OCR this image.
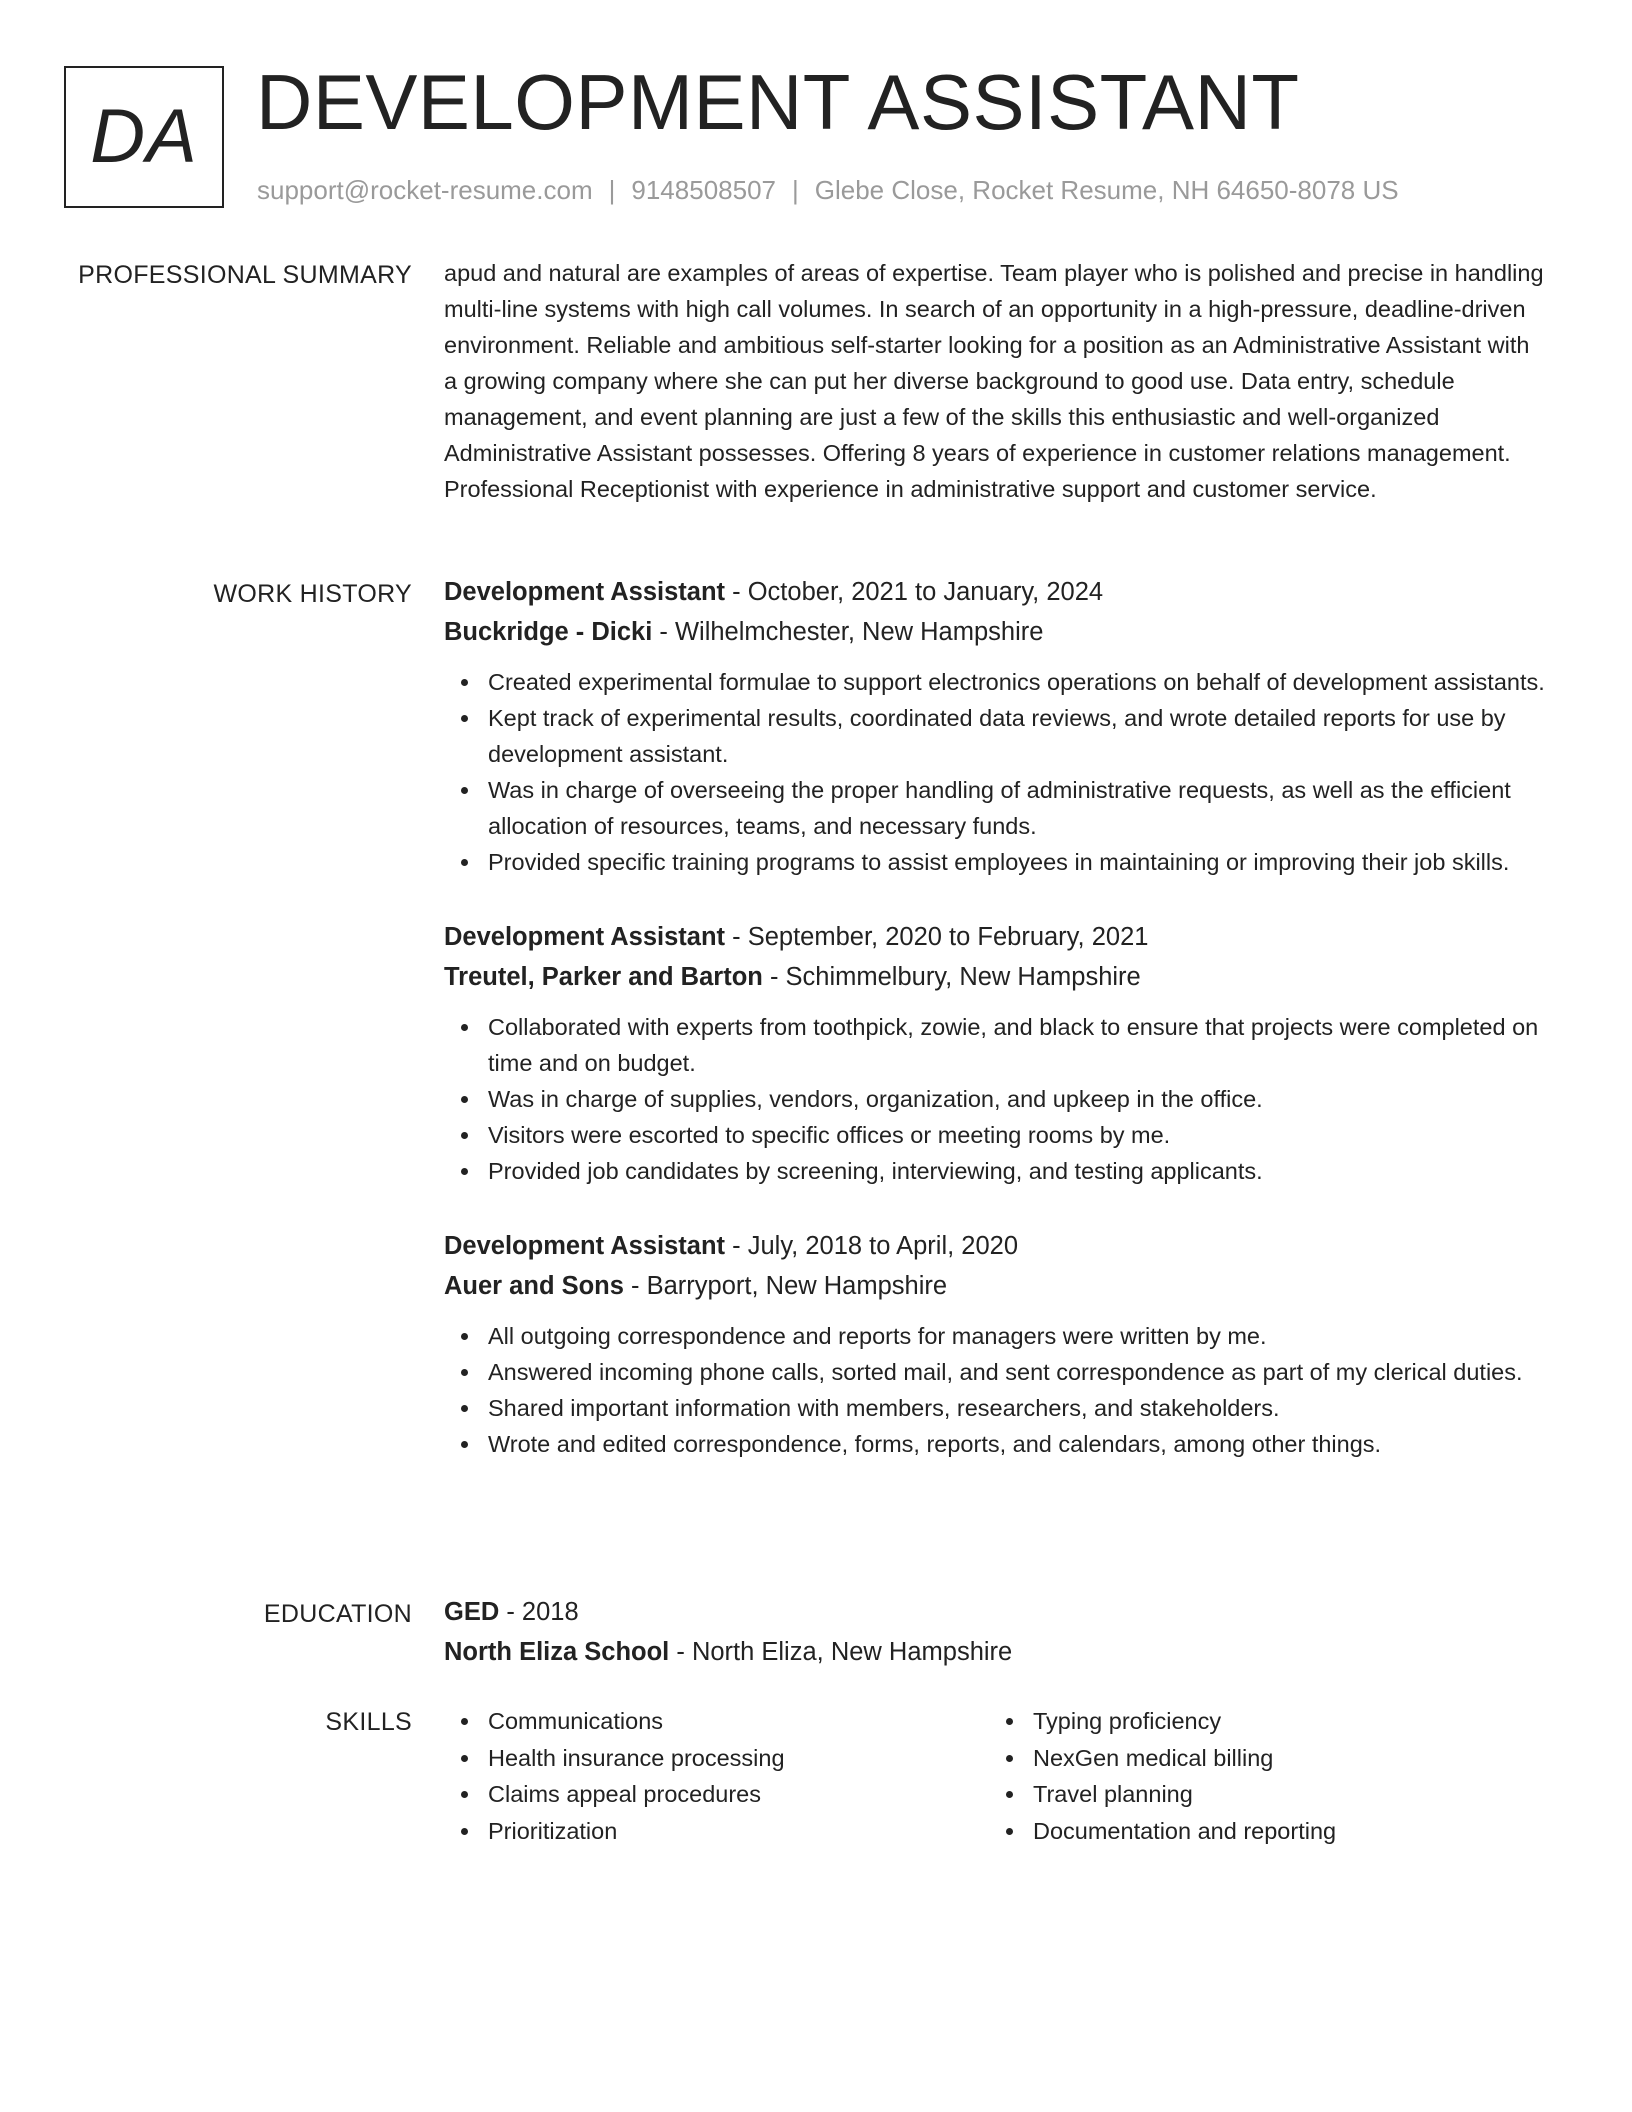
DA DEVELOPMENT ASSISTANT
support@rocket-resume.com | 9148508507 | Glebe Close, Rocket Resume, NH 64650-8078 US
PROFESSIONAL SUMMARY apud and natural are examples of areas of expertise. Team player who is polished and precise in handling multi-line systems with high call volumes. In search of an opportunity in a high-pressure, deadline-driven environment. Reliable and ambitious self-starter looking for a position as an Administrative Assistant with a growing company where she can put her diverse background to good use. Data entry, schedule management, and event planning are just a few of the skills this enthusiastic and well-organized Administrative Assistant possesses. Offering 8 years of experience in customer relations management. Professional Receptionist with experience in administrative support and customer service.

WORK HISTORY Development Assistant - October, 2021 to January, 2024
Buckridge - Dicki - Wilhelmchester, New Hampshire
Created experimental formulae to support electronics operations on behalf of development assistants.
Kept track of experimental results, coordinated data reviews, and wrote detailed reports for use by development assistant.
Was in charge of overseeing the proper handling of administrative requests, as well as the efficient allocation of resources, teams, and necessary funds.
Provided specific training programs to assist employees in maintaining or improving their job skills.
Development Assistant - September, 2020 to February, 2021
Treutel, Parker and Barton - Schimmelbury, New Hampshire
Collaborated with experts from toothpick, zowie, and black to ensure that projects were completed on time and on budget.
Was in charge of supplies, vendors, organization, and upkeep in the office.
Visitors were escorted to specific offices or meeting rooms by me.
Provided job candidates by screening, interviewing, and testing applicants.
Development Assistant - July, 2018 to April, 2020
Auer and Sons - Barryport, New Hampshire
All outgoing correspondence and reports for managers were written by me.
Answered incoming phone calls, sorted mail, and sent correspondence as part of my clerical duties.
Shared important information with members, researchers, and stakeholders.
Wrote and edited correspondence, forms, reports, and calendars, among other things.
EDUCATION GED - 2018
North Eliza School - North Eliza, New Hampshire
SKILLS	Communications
Health insurance processing
Claims appeal procedures
Prioritization
Typing proficiency
NexGen medical billing
Travel planning
Documentation and reporting
